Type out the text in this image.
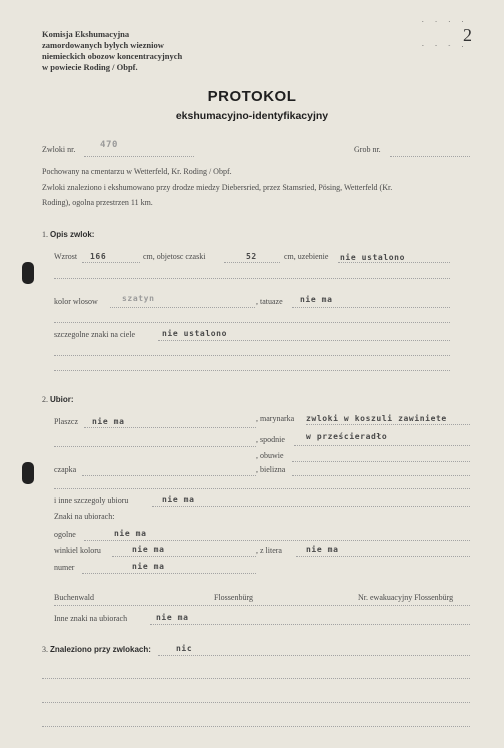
Komisja Ekshumacyjna
zamordowanych bylych wiezniow
niemieckich obozow koncentracyjnych
w powiecie Roding / Obpf.
. . . .
- - - .
2
PROTOKOL
ekshumacyjno-identyfikacyjny
Zwloki nr.	470	Grob nr.
Pochowany na cmentarzu w Wetterfeld, Kr. Roding / Obpf.
Zwloki znaleziono i ekshumowano przy drodze miedzy Diebersried, przez Stamsried, Pösing, Wetterfeld (Kr.
Roding), ogolna przestrzen 11 km.
1. Opis zwlok:
Wzrost 166	cm, objetosc czaski	52	cm, uzebienie nie ustalono
kolor wlosow	szatyn	, tatuaze nie ma
szczegolne znaki na ciele	nie ustalono
2. Ubior:
Plaszcz nie ma	, marynarka zwloki w koszuli zawiniete
, spodnie	w prześcieradło
, obuwie
czapka	, bielizna
i inne szczegoly ubioru	nie ma
Znaki na ubiorach:
ogolne	nie ma
winkiel koloru	nie ma	, z litera	nie ma
numer	nie ma
Buchenwald	Flossenbürg	Nr. ewakuacyjny Flossenbürg
Inne znaki na ubiorach	nie ma
3. Znaleziono przy zwlokach:	nic
